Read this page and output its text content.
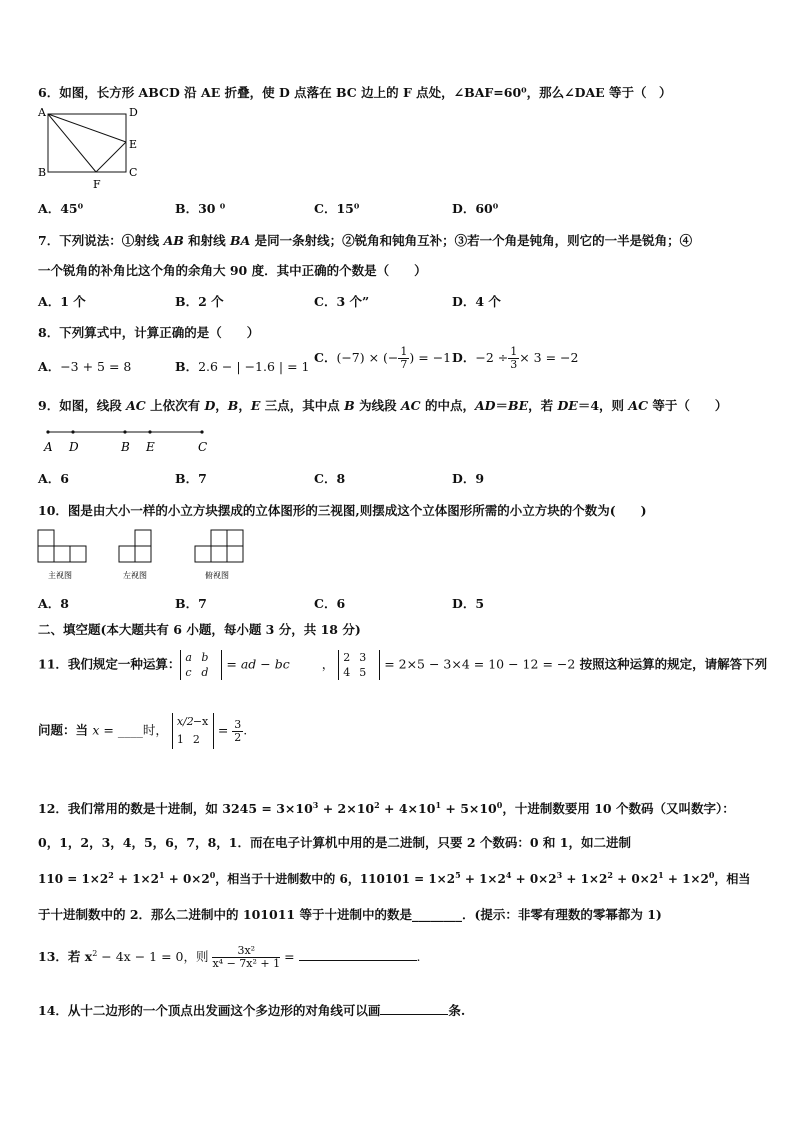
6．如图，长方形 ABCD 沿 AE 折叠，使 D 点落在 BC 边上的 F 点处，∠BAF=60⁰，那么∠DAE 等于（　）
A	D
E
B
F
C
A．45⁰	B．30 ⁰	C．15⁰	D．60⁰
7．下列说法：①射线 AB 和射线 BA 是同一条射线；②锐角和钝角互补；③若一个角是钝角，则它的一半是锐角；④
一个锐角的补角比这个角的余角大 90 度．其中正确的个数是（　　）
A．1 个	B．2 个	C．3 个”	D．4 个
8．下列算式中，计算正确的是（　　）
A．−3 + 5 = 8	B．2.6 − | −1.6 | = 1
C．(−7) × (− $\frac{1}{7}$ ) = −1 D．$-2 \div \frac{1}{3} \times 3 = -2$
9．如图，线段 AC 上依次有 D，B，E 三点，其中点 B 为线段 AC 的中点，AD＝BE，若 DE＝4，则 AC 等于（　　）
A D	B E	C
A．6	B．7	C．8	D．9
10．图是由大小一样的小立方块摆成的立体图形的三视图,则摆成这个立体图形所需的小立方块的个数为(　　)
主视图	左视图	俯视图
A．8	B．7	C．6	D．5
二、填空题(本大题共有 6 小题，每小题 3 分，共 18 分)
11．我们规定一种运算： a b
c d = ad − bc	， 2 3
4 5 = 2×5 − 3×4 = 10 − 12 = −2 按照这种运算的规定，请解答下列
问题：当 x = ____时， x/2−x
1 $2 = \frac{3}{2}$ .
12．我们常用的数是十进制，如 $3245 = 3\times 10^3 + 2\times 10^2 + 4\times 10^1 + 5\times 10^0$，十进制数要用 10 个数码（又叫数字）：
0，1，2，3，4，5，6，7，8，1．而在电子计算机中用的是二进制，只要 2 个数码：0 和 1，如二进制
$110 = 1\times 2^2 + 1\times 2^1 + 0\times 2^0$，相当于十进制数中的 6，$110101 = 1\times 2^5 + 1\times 2^4 + 0\times 2^3 + 1\times 2^2 + 0\times 2^1 + 1\times 2^0$，相当
于十进制数中的 2．那么二进制中的 101011 等于十进制中的数是________．(提示：非零有理数的零幂都为 1)
13．若 $x^2 - 4x - 1 = 0$，则 $\frac{\text{3x²}}{\text{x⁴ − 7x² + 1}}$ =	.
14．从十二边形的一个顶点出发画这个多边形的对角线可以画	条.
